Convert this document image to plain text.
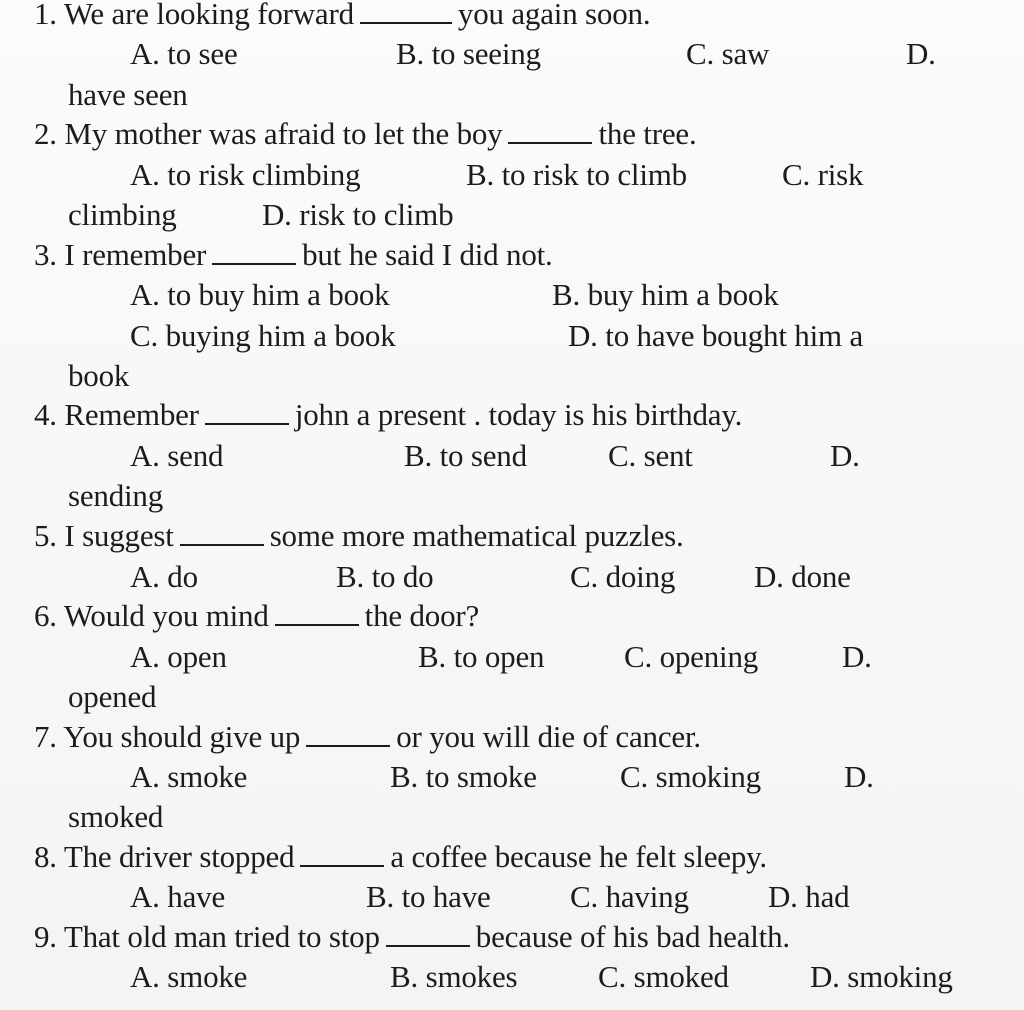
1. We are looking forward	you again soon.
A. to see	B. to seeing	C. saw	D.
have seen
2. My mother was afraid to let the boy	the tree.
A. to risk climbing	B. to risk to climb	C. risk
climbing	D. risk to climb
3. I remember	but he said I did not.
A. to buy him a book	B. buy him a book
C. buying him a book	D. to have bought him a
book
4. Remember	john a present . today is his birthday.
A. send	B. to send	C. sent	D.
sending
5. I suggest	some more mathematical puzzles.
A. do	B. to do	C. doing	D. done
6. Would you mind	the door?
A. open	B. to open	C. opening	D.
opened
7. You should give up	or you will die of cancer.
A. smoke	B. to smoke	C. smoking	D.
smoked
8. The driver stopped	a coffee because he felt sleepy.
A. have	B. to have	C. having	D. had
9. That old man tried to stop	because of his bad health.
A. smoke	B. smokes	C. smoked	D. smoking
